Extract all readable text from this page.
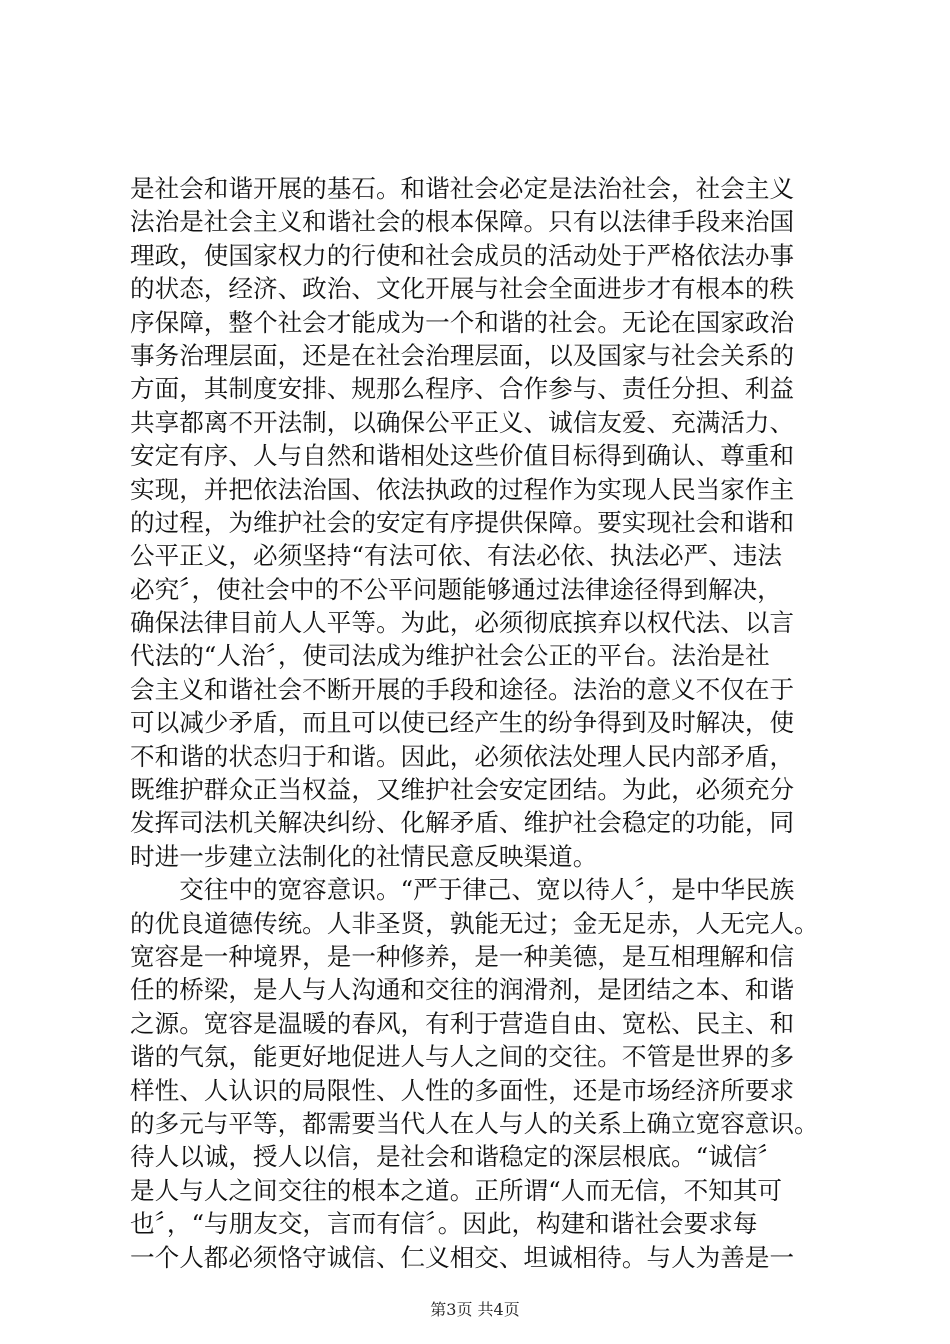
是社会和谐开展的基石。和谐社会必定是法治社会，社会主义
法治是社会主义和谐社会的根本保障。只有以法律手段来治国
理政，使国家权力的行使和社会成员的活动处于严格依法办事
的状态，经济、政治、文化开展与社会全面进步才有根本的秩
序保障，整个社会才能成为一个和谐的社会。无论在国家政治
事务治理层面，还是在社会治理层面，以及国家与社会关系的
方面，其制度安排、规那么程序、合作参与、责任分担、利益
共享都离不开法制，以确保公平正义、诚信友爱、充满活力、
安定有序、人与自然和谐相处这些价值目标得到确认、尊重和
实现，并把依法治国、依法执政的过程作为实现人民当家作主
的过程，为维护社会的安定有序提供保障。要实现社会和谐和
公平正义，必须坚持“有法可依、有法必依、执法必严、违法
必究〞，使社会中的不公平问题能够通过法律途径得到解决，
确保法律目前人人平等。为此，必须彻底摈弃以权代法、以言
代法的“人治〞，使司法成为维护社会公正的平台。法治是社
会主义和谐社会不断开展的手段和途径。法治的意义不仅在于
可以减少矛盾，而且可以使已经产生的纷争得到及时解决，使
不和谐的状态归于和谐。因此，必须依法处理人民内部矛盾，
既维护群众正当权益，又维护社会安定团结。为此，必须充分
发挥司法机关解决纠纷、化解矛盾、维护社会稳定的功能，同
时进一步建立法制化的社情民意反映渠道。
　　交往中的宽容意识。“严于律己、宽以待人〞，是中华民族
的优良道德传统。人非圣贤，孰能无过；金无足赤，人无完人。
宽容是一种境界，是一种修养，是一种美德，是互相理解和信
任的桥梁，是人与人沟通和交往的润滑剂，是团结之本、和谐
之源。宽容是温暖的春风，有利于营造自由、宽松、民主、和
谐的气氛，能更好地促进人与人之间的交往。不管是世界的多
样性、人认识的局限性、人性的多面性，还是市场经济所要求
的多元与平等，都需要当代人在人与人的关系上确立宽容意识。
待人以诚，授人以信，是社会和谐稳定的深层根底。“诚信〞
是人与人之间交往的根本之道。正所谓“人而无信，不知其可
也〞，“与朋友交，言而有信〞。因此，构建和谐社会要求每
一个人都必须恪守诚信、仁义相交、坦诚相待。与人为善是一
第3页 共4页
